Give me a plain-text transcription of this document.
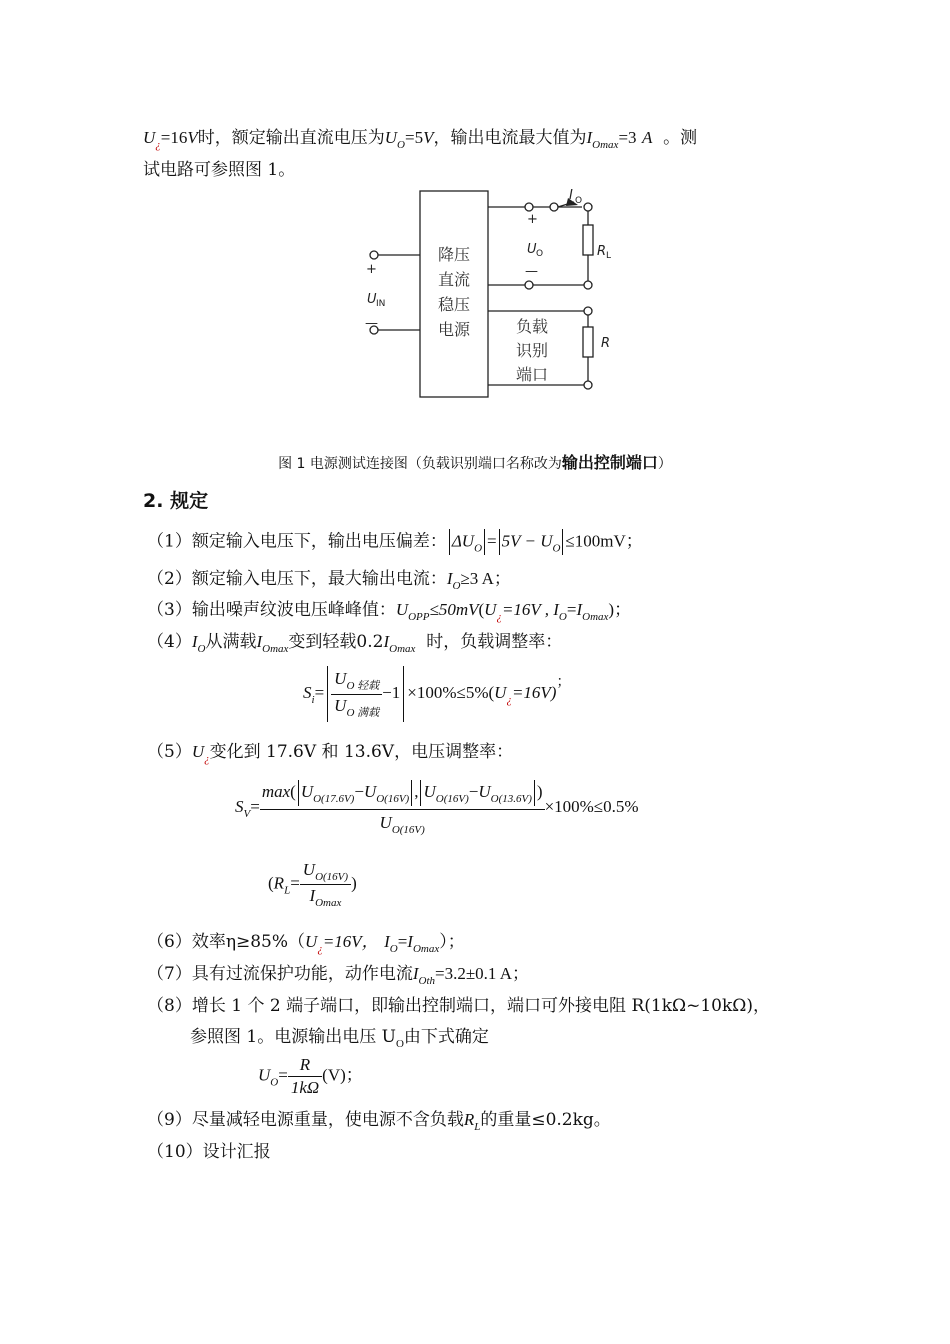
$U_¿=16V$时，额定输出直流电压为$U_O=5V$，输出电流最大值为$I_{Omax}=3$ A 。测
试电路可参照图 1。
降压
直流
稳压
电源	负载
识别
端口
I O
U O
+
—
+
U IN
—
R L
R
图 1 电源测试连接图（负载识别端口名称改为输出控制端口）
2. 规定
（1）额定输入电压下，输出电压偏差： $\Delta U_O = 5V - U_O \le 100mV$；
（2）额定输入电压下，最大输出电流：$I_O\ge 3$ A；
（3）输出噪声纹波电压峰峰值：$U_{OPP}\le 50mV(U_¿=16V$ , $I_O=I_{Omax}$)；
$(4)I_O$从满载$I_{Omax}$变到轻载$0.2I_{Omax}$ 时，负载调整率：
$S_i= \frac{U_{O 轻载}}{U_{O 满载}} -1 \times 100\%\le 5\%(U_¿=16V)^;$
$(5)U_¿$变化到 17.6V 和 13.6V，电压调整率：
$S_V= \frac{\max( U_{O(17.6V)}-U_{O(16V)} , U_{O(16V)}-U_{O(13.6V)} )}{U_{O(16V)}} \times 100\%\le 0.5\%$
($R_L= \frac{U_{O(16V)}}{I_{Omax}}$ )
（6）效率$\eta\ge 85\%(U_¿=16V$， $I_O=I_{Omax}$）；
（7）具有过流保护功能，动作电流$I_{Oth}=3.2\pm 0.1$ A；
（8）增长 1 个 2 端子端口，即输出控制端口，端口可外接电阻 R(1kΩ~10kΩ)，
参照图 1。电源输出电压 $U_O$由下式确定
$U_O= \frac{R}{1k\Omega} (V)$；
（9）尽量减轻电源重量，使电源不含负载$R_L$的重量≤0.2kg。
（10）设计汇报
